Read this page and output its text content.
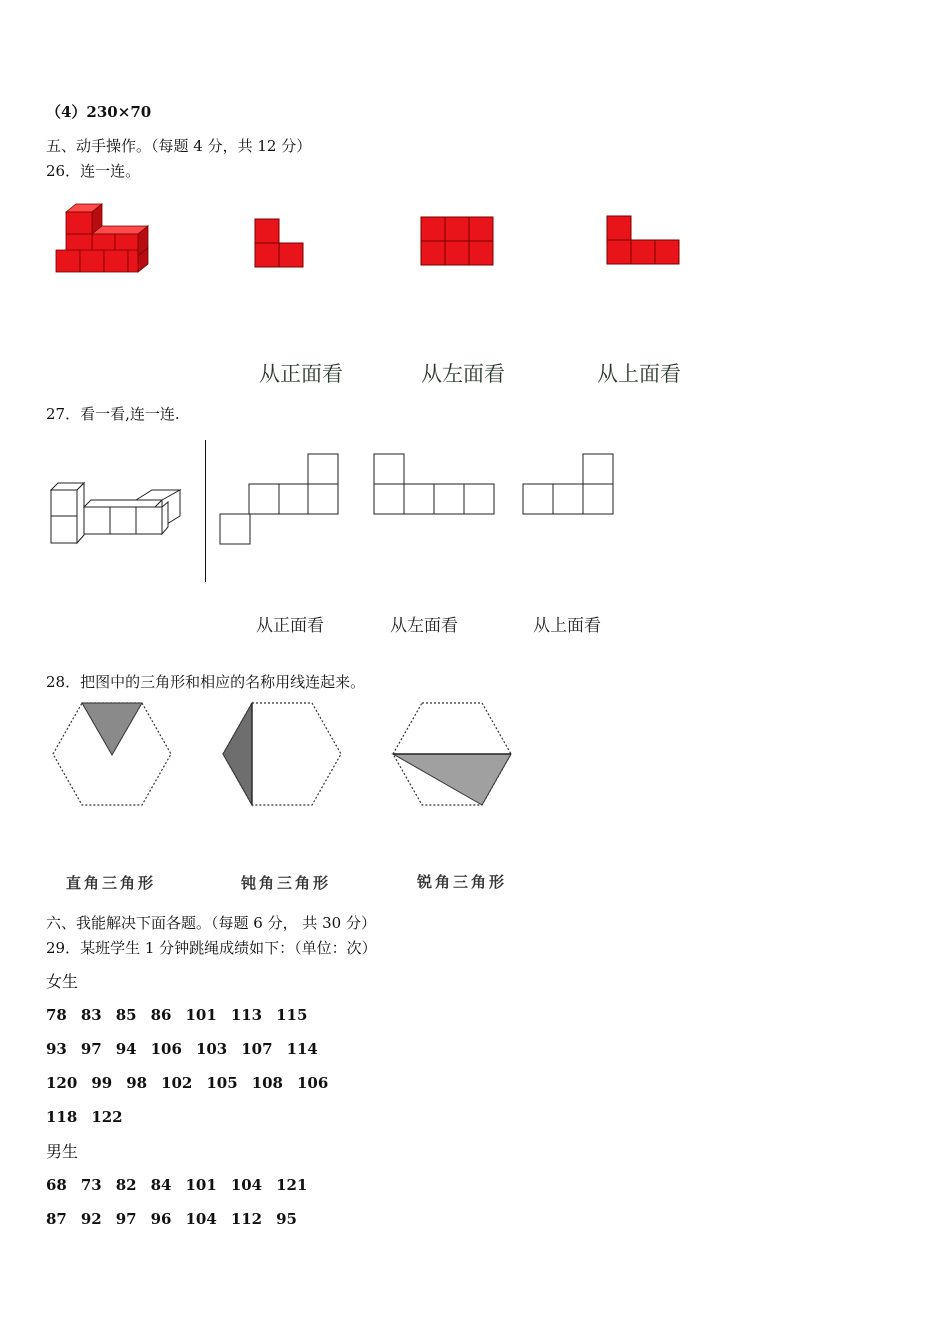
（4）230×70
五、动手操作。（每题 4 分，共 12 分）
26．连一连。
从正面看	从左面看	从上面看
27．看一看,连一连.
从正面看	从左面看	从上面看
28．把图中的三角形和相应的名称用线连起来。
直角三角形	钝角三角形	锐角三角形
六、我能解决下面各题。（每题 6 分， 共 30 分）
29．某班学生 1 分钟跳绳成绩如下：（单位：次）
女生
78 83 85 86 101 113 115
93 97 94 106 103 107 114
120 99 98 102 105 108 106
118 122
男生
68 73 82 84 101 104 121
87 92 97 96 104 112 95
